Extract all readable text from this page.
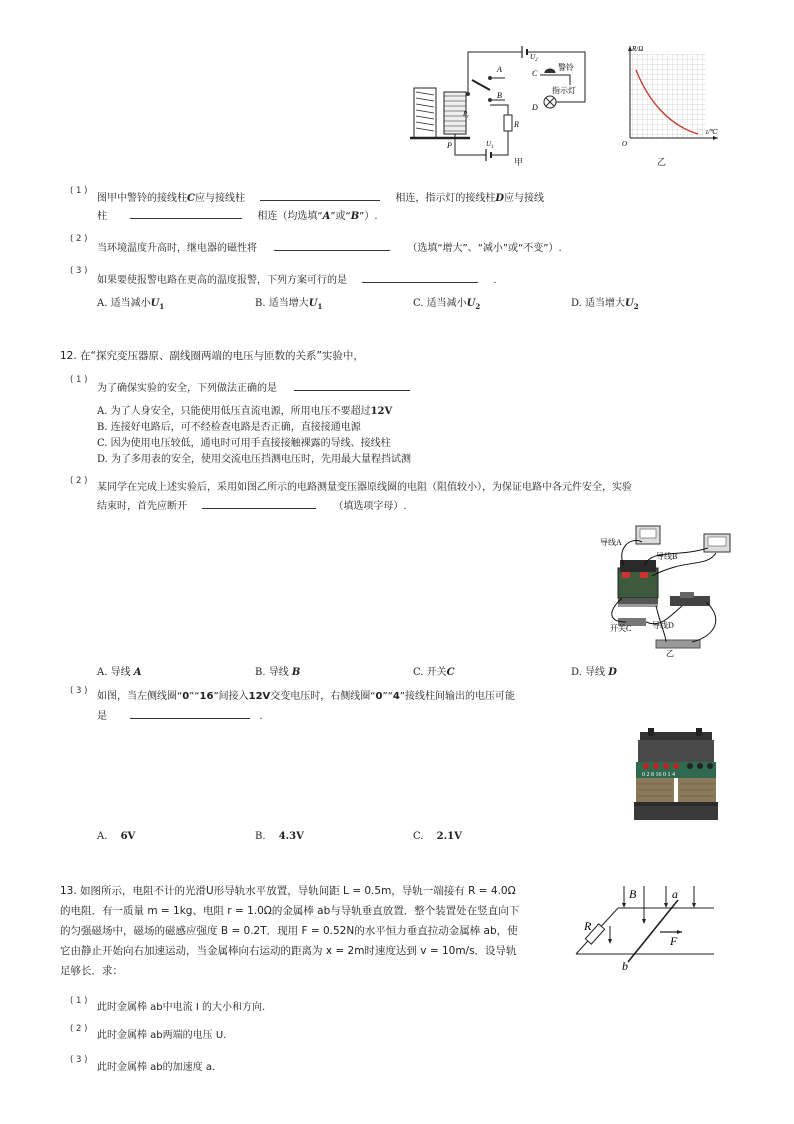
$U_2$
A	C
警铃
B
指示灯
D
$R_t$
R
P	$U_1$
甲
R/Ω
t/℃
O
乙
( 1 )
图甲中警铃的接线柱C应与接线柱	相连，指示灯的接线柱D应与接线
柱	相连（均选填“A”或“B”）.
( 2 )
当环境温度升高时，继电器的磁性将	（选填“增大”、“减小”或“不变”）.
( 3 )
如果要使报警电路在更高的温度报警，下列方案可行的是	.
A. 适当减小$U_1$	B. 适当增大$U_1$	C. 适当减小$U_2$	D. 适当增大$U_2$
12. 在“探究变压器原、副线圈两端的电压与匝数的关系”实验中，
( 1 )
为了确保实验的安全，下列做法正确的是
A. 为了人身安全，只能使用低压直流电源，所用电压不要超过12V
B. 连接好电路后，可不经检查电路是否正确，直接接通电源
C. 因为使用电压较低，通电时可用手直接接触裸露的导线、接线柱
D. 为了多用表的安全，使用交流电压挡测电压时，先用最大量程挡试测
( 2 )
某同学在完成上述实验后，采用如图乙所示的电路测量变压器原线圈的电阻（阻值较小），为保证电路中各元件安全，实验
结束时，首先应断开	（填选项字母）.
导线A
导线B
开关C	导线D
乙
A. 导线 A	B. 导线 B	C. 开关C	D. 导线 D
( 3 ) 如图，当左侧线圈“0”“16”间接入12V交变电压时，右侧线圈“0”“4”接线柱间输出的电压可能
是	.
0 2 8 16 0 1 4
A. 6V	B. 4.3V	C. 2.1V
13. 如图所示，电阻不计的光滑U形导轨水平放置，导轨间距 L = 0.5m，导轨一端接有 R = 4.0Ω
的电阻．有一质量 m = 1kg、电阻 r = 1.0Ω的金属棒 ab与导轨垂直放置．整个装置处在竖直向下
的匀强磁场中，磁场的磁感应强度 B = 0.2T．现用 F = 0.52N的水平恒力垂直拉动金属棒 ab，使
它由静止开始向右加速运动，当金属棒向右运动的距离为 x = 2m时速度达到 v = 10m/s．设导轨
足够长．求：
B	a
R
F
b
( 1 )
此时金属棒 ab中电流 I 的大小和方向.
( 2 )
此时金属棒 ab两端的电压 U.
( 3 )
此时金属棒 ab的加速度 a.
